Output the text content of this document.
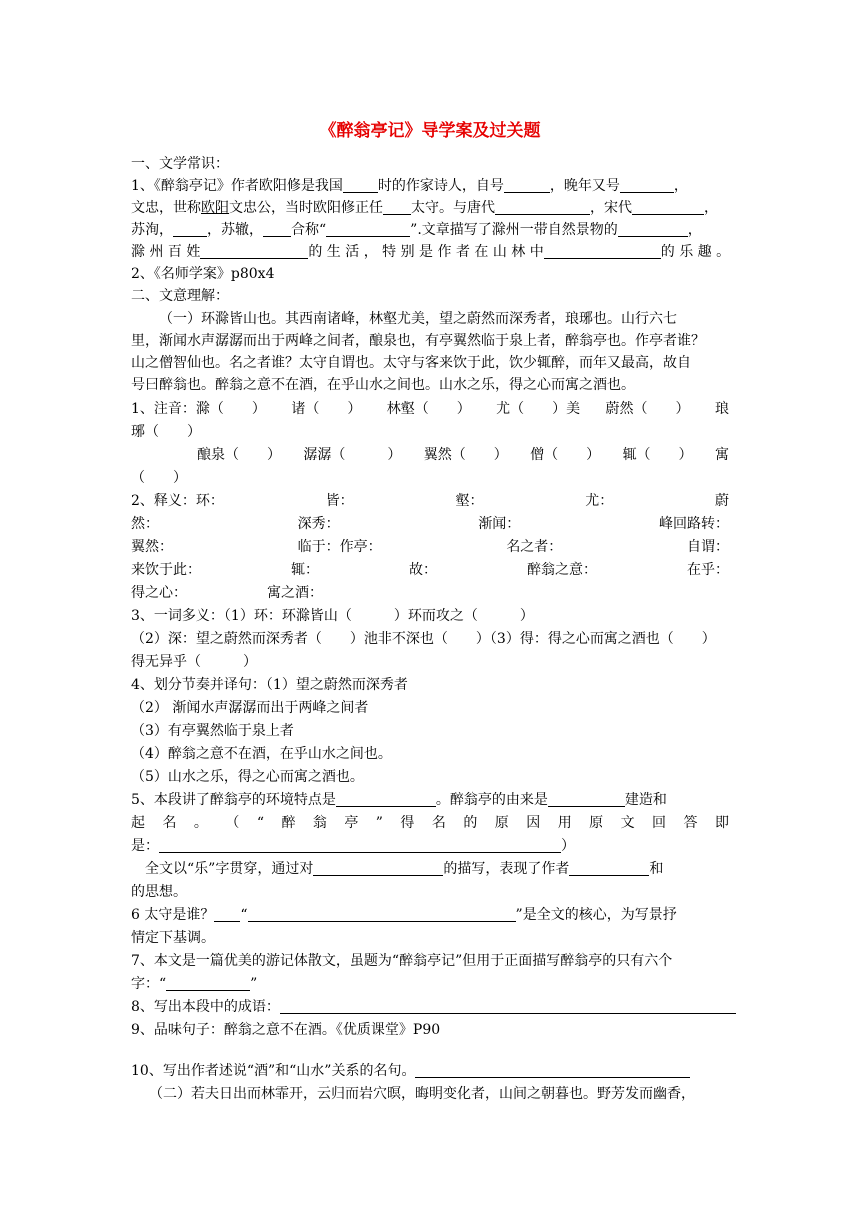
《醉翁亭记》导学案及过关题
一、文学常识：
1、《醉翁亭记》作者欧阳修是我国	时的作家诗人，自号	，晚年又号	，
文忠，世称欧阳文忠公，当时欧阳修正任 太守。与唐代	，宋代	，
苏洵， ，苏辙， 合称“	”.文章描写了滁州一带自然景物的	，
滁 州 百 姓	的 生 活 ， 特 别 是 作 者 在 山 林 中	的 乐 趣 。
2、《名师学案》p80x4
二、文意理解：
（一）环滁皆山也。其西南诸峰，林壑尤美，望之蔚然而深秀者，琅琊也。山行六七
里，渐闻水声潺潺而出于两峰之间者，酿泉也，有亭翼然临于泉上者，醉翁亭也。作亭者谁？
山之僧智仙也。名之者谁？太守自谓也。太守与客来饮于此，饮少辄醉，而年又最高，故自
号曰醉翁也。醉翁之意不在酒，在乎山水之间也。山水之乐，得之心而寓之酒也。
1、注音：滁（　　） 诸（　　） 林壑（　　） 尤（　　）美 蔚然（　　） 琅
琊（　　）
酿泉（　　） 潺潺（　　　） 翼然（　　） 僧（　　） 辄（　　） 寓
（　　）
2、释义：环：	皆：	壑：	尤：	蔚
然：	深秀：	渐闻：	峰回路转：
翼然：	临于：作亭：	名之者：	自谓：
来饮于此：	辄：	故：	醉翁之意：	在乎：
得之心：	寓之酒：
3、一词多义：（1）环：环滁皆山（　　　）环而攻之（　　　）
（2）深：望之蔚然而深秀者（　　）池非不深也（　　）（3）得：得之心而寓之酒也（　　）
得无异乎（　　　）
4、划分节奏并译句：（1）望之蔚然而深秀者
（2） 渐闻水声潺潺而出于两峰之间者
（3）有亭翼然临于泉上者
（4）醉翁之意不在酒，在乎山水之间也。
（5）山水之乐，得之心而寓之酒也。
5、本段讲了醉翁亭的环境特点是	。醉翁亭的由来是	建造和
起 名 。 （ “ 醉 翁 亭 ” 得 名 的 原 因 用 原 文 回 答 即
是：	）
全文以“乐”字贯穿，通过对	的描写，表现了作者	和
的思想。
6 太守是谁？ “	”是全文的核心，为写景抒
情定下基调。
7、本文是一篇优美的游记体散文，虽题为“醉翁亭记”但用于正面描写醉翁亭的只有六个
字：“	”
8、写出本段中的成语：
9、品味句子：醉翁之意不在酒。《优质课堂》P90
10、写出作者述说“酒”和“山水”关系的名句。
（二）若夫日出而林霏开，云归而岩穴暝，晦明变化者，山间之朝暮也。野芳发而幽香，
